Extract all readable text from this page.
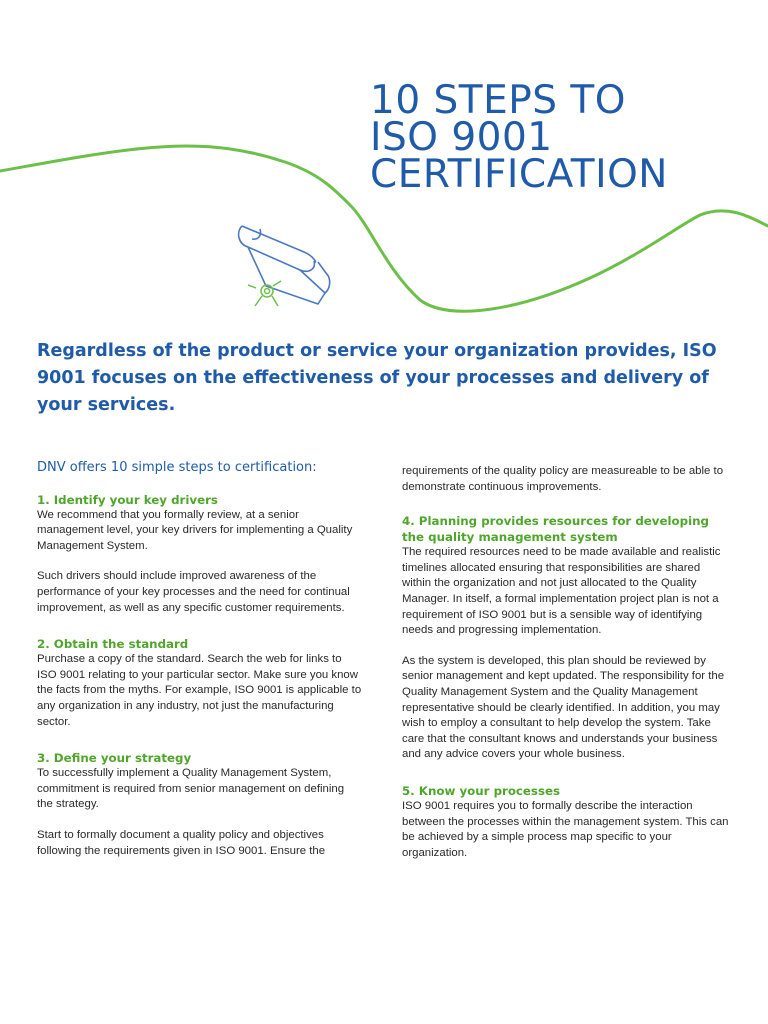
10 STEPS TO
ISO 9001
CERTIFICATION

Regardless of the product or service your organization provides, ISO 9001 focuses on the effectiveness of your processes and delivery of your services.

DNV offers 10 simple steps to certification:

1. Identify your key drivers

We recommend that you formally review, at a senior management level, your key drivers for implementing a Quality Management System.

Such drivers should include improved awareness of the performance of your key processes and the need for continual improvement, as well as any specific customer requirements.

2. Obtain the standard

Purchase a copy of the standard. Search the web for links to ISO 9001 relating to your particular sector. Make sure you know the facts from the myths. For example, ISO 9001 is applicable to any organization in any industry, not just the manufacturing sector.

3. Define your strategy

To successfully implement a Quality Management System, commitment is required from senior management on defining the strategy.

Start to formally document a quality policy and objectives following the requirements given in ISO 9001. Ensure the

requirements of the quality policy are measureable to be able to demonstrate continuous improvements.

4. Planning provides resources for developing the quality management system

The required resources need to be made available and realistic timelines allocated ensuring that responsibilities are shared within the organization and not just allocated to the Quality Manager. In itself, a formal implementation project plan is not a requirement of ISO 9001 but is a sensible way of identifying needs and progressing implementation.

As the system is developed, this plan should be reviewed by senior management and kept updated. The responsibility for the Quality Management System and the Quality Management representative should be clearly identified. In addition, you may wish to employ a consultant to help develop the system. Take care that the consultant knows and understands your business and any advice covers your whole business.

5. Know your processes

ISO 9001 requires you to formally describe the interaction between the processes within the management system. This can be achieved by a simple process map specific to your organization.
